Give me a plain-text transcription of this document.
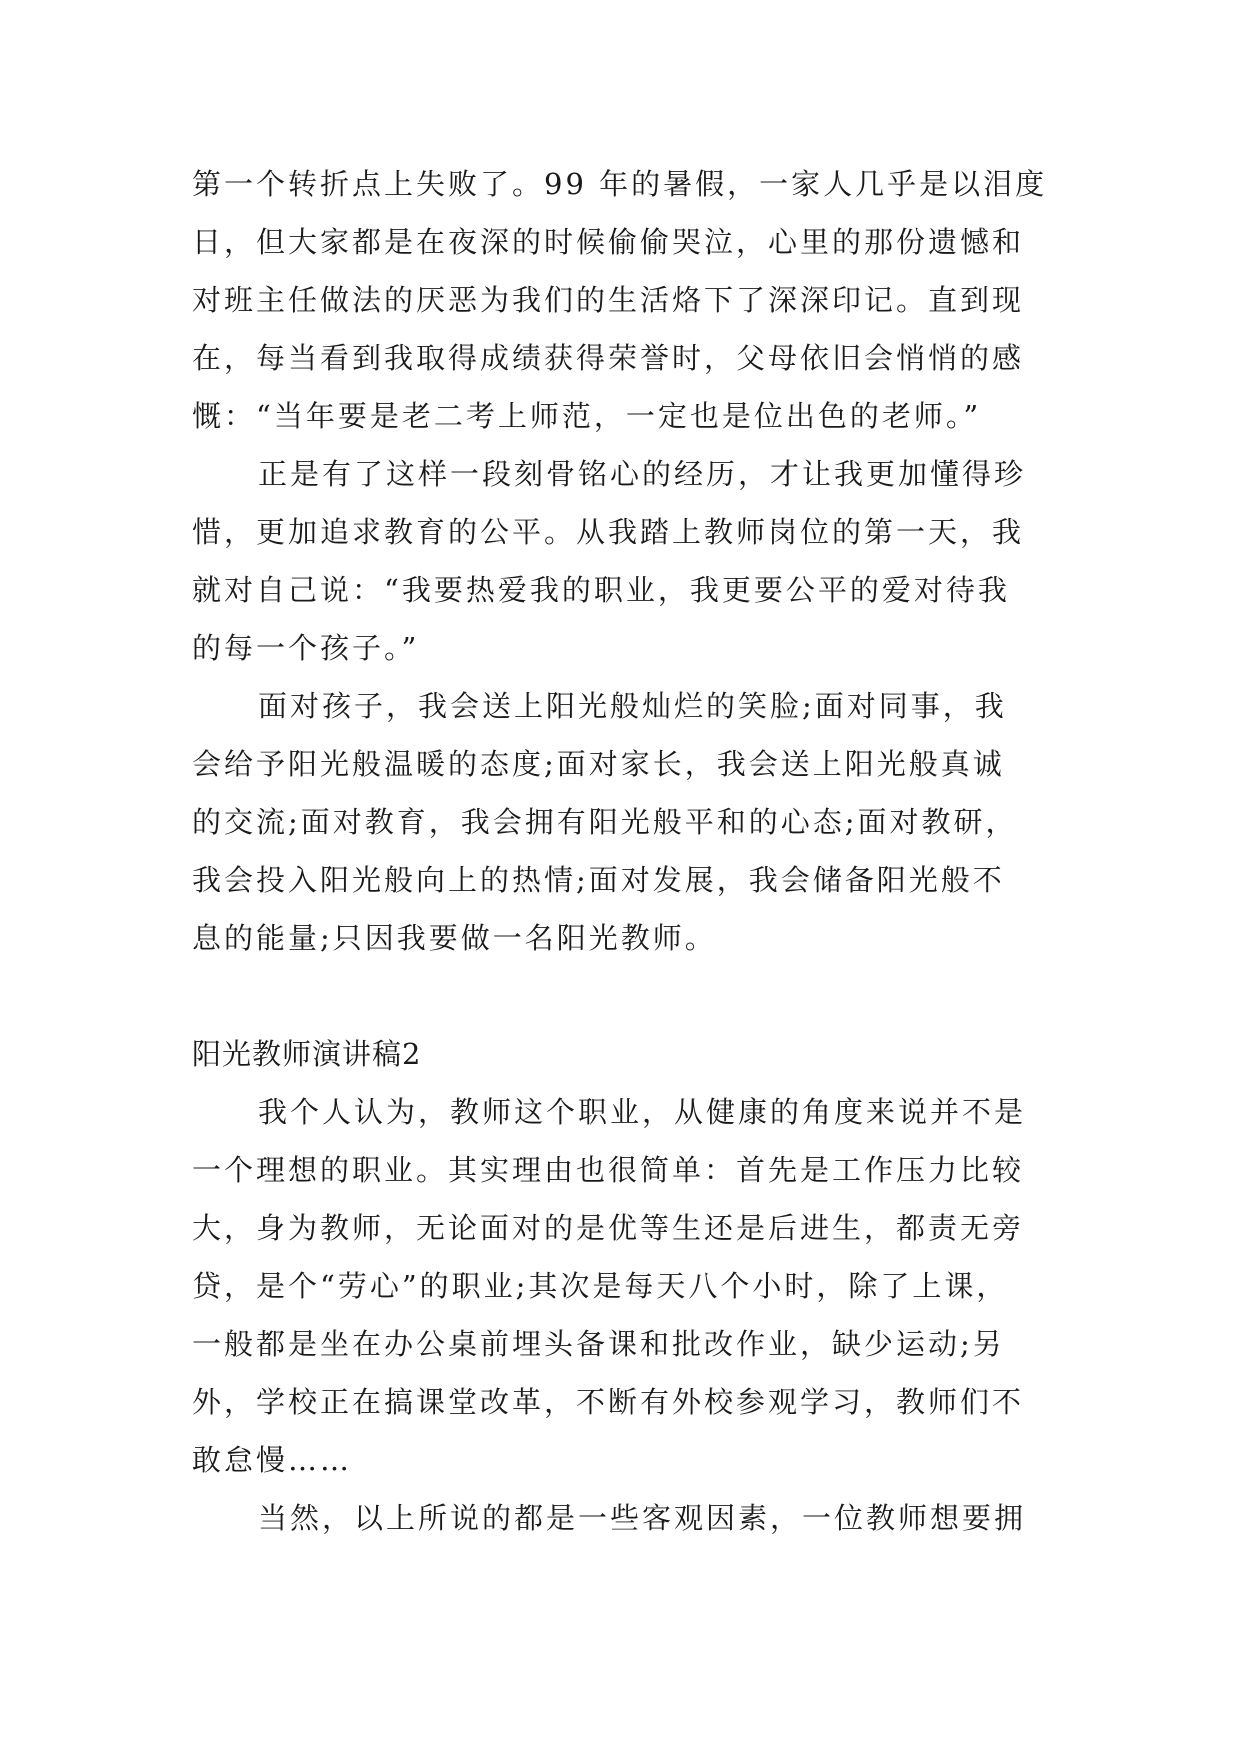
第一个转折点上失败了。99 年的暑假，一家人几乎是以泪度
日，但大家都是在夜深的时候偷偷哭泣，心里的那份遗憾和
对班主任做法的厌恶为我们的生活烙下了深深印记。直到现
在，每当看到我取得成绩获得荣誉时，父母依旧会悄悄的感
慨：“当年要是老二考上师范，一定也是位出色的老师。”
正是有了这样一段刻骨铭心的经历，才让我更加懂得珍
惜，更加追求教育的公平。从我踏上教师岗位的第一天，我
就对自己说：“我要热爱我的职业，我更要公平的爱对待我
的每一个孩子。”
面对孩子，我会送上阳光般灿烂的笑脸;面对同事，我
会给予阳光般温暖的态度;面对家长，我会送上阳光般真诚
的交流;面对教育，我会拥有阳光般平和的心态;面对教研，
我会投入阳光般向上的热情;面对发展，我会储备阳光般不
息的能量;只因我要做一名阳光教师。
阳光教师演讲稿2
我个人认为，教师这个职业，从健康的角度来说并不是
一个理想的职业。其实理由也很简单：首先是工作压力比较
大，身为教师，无论面对的是优等生还是后进生，都责无旁
贷，是个“劳心”的职业;其次是每天八个小时，除了上课，
一般都是坐在办公桌前埋头备课和批改作业，缺少运动;另
外，学校正在搞课堂改革，不断有外校参观学习，教师们不
敢怠慢……
当然，以上所说的都是一些客观因素，一位教师想要拥
